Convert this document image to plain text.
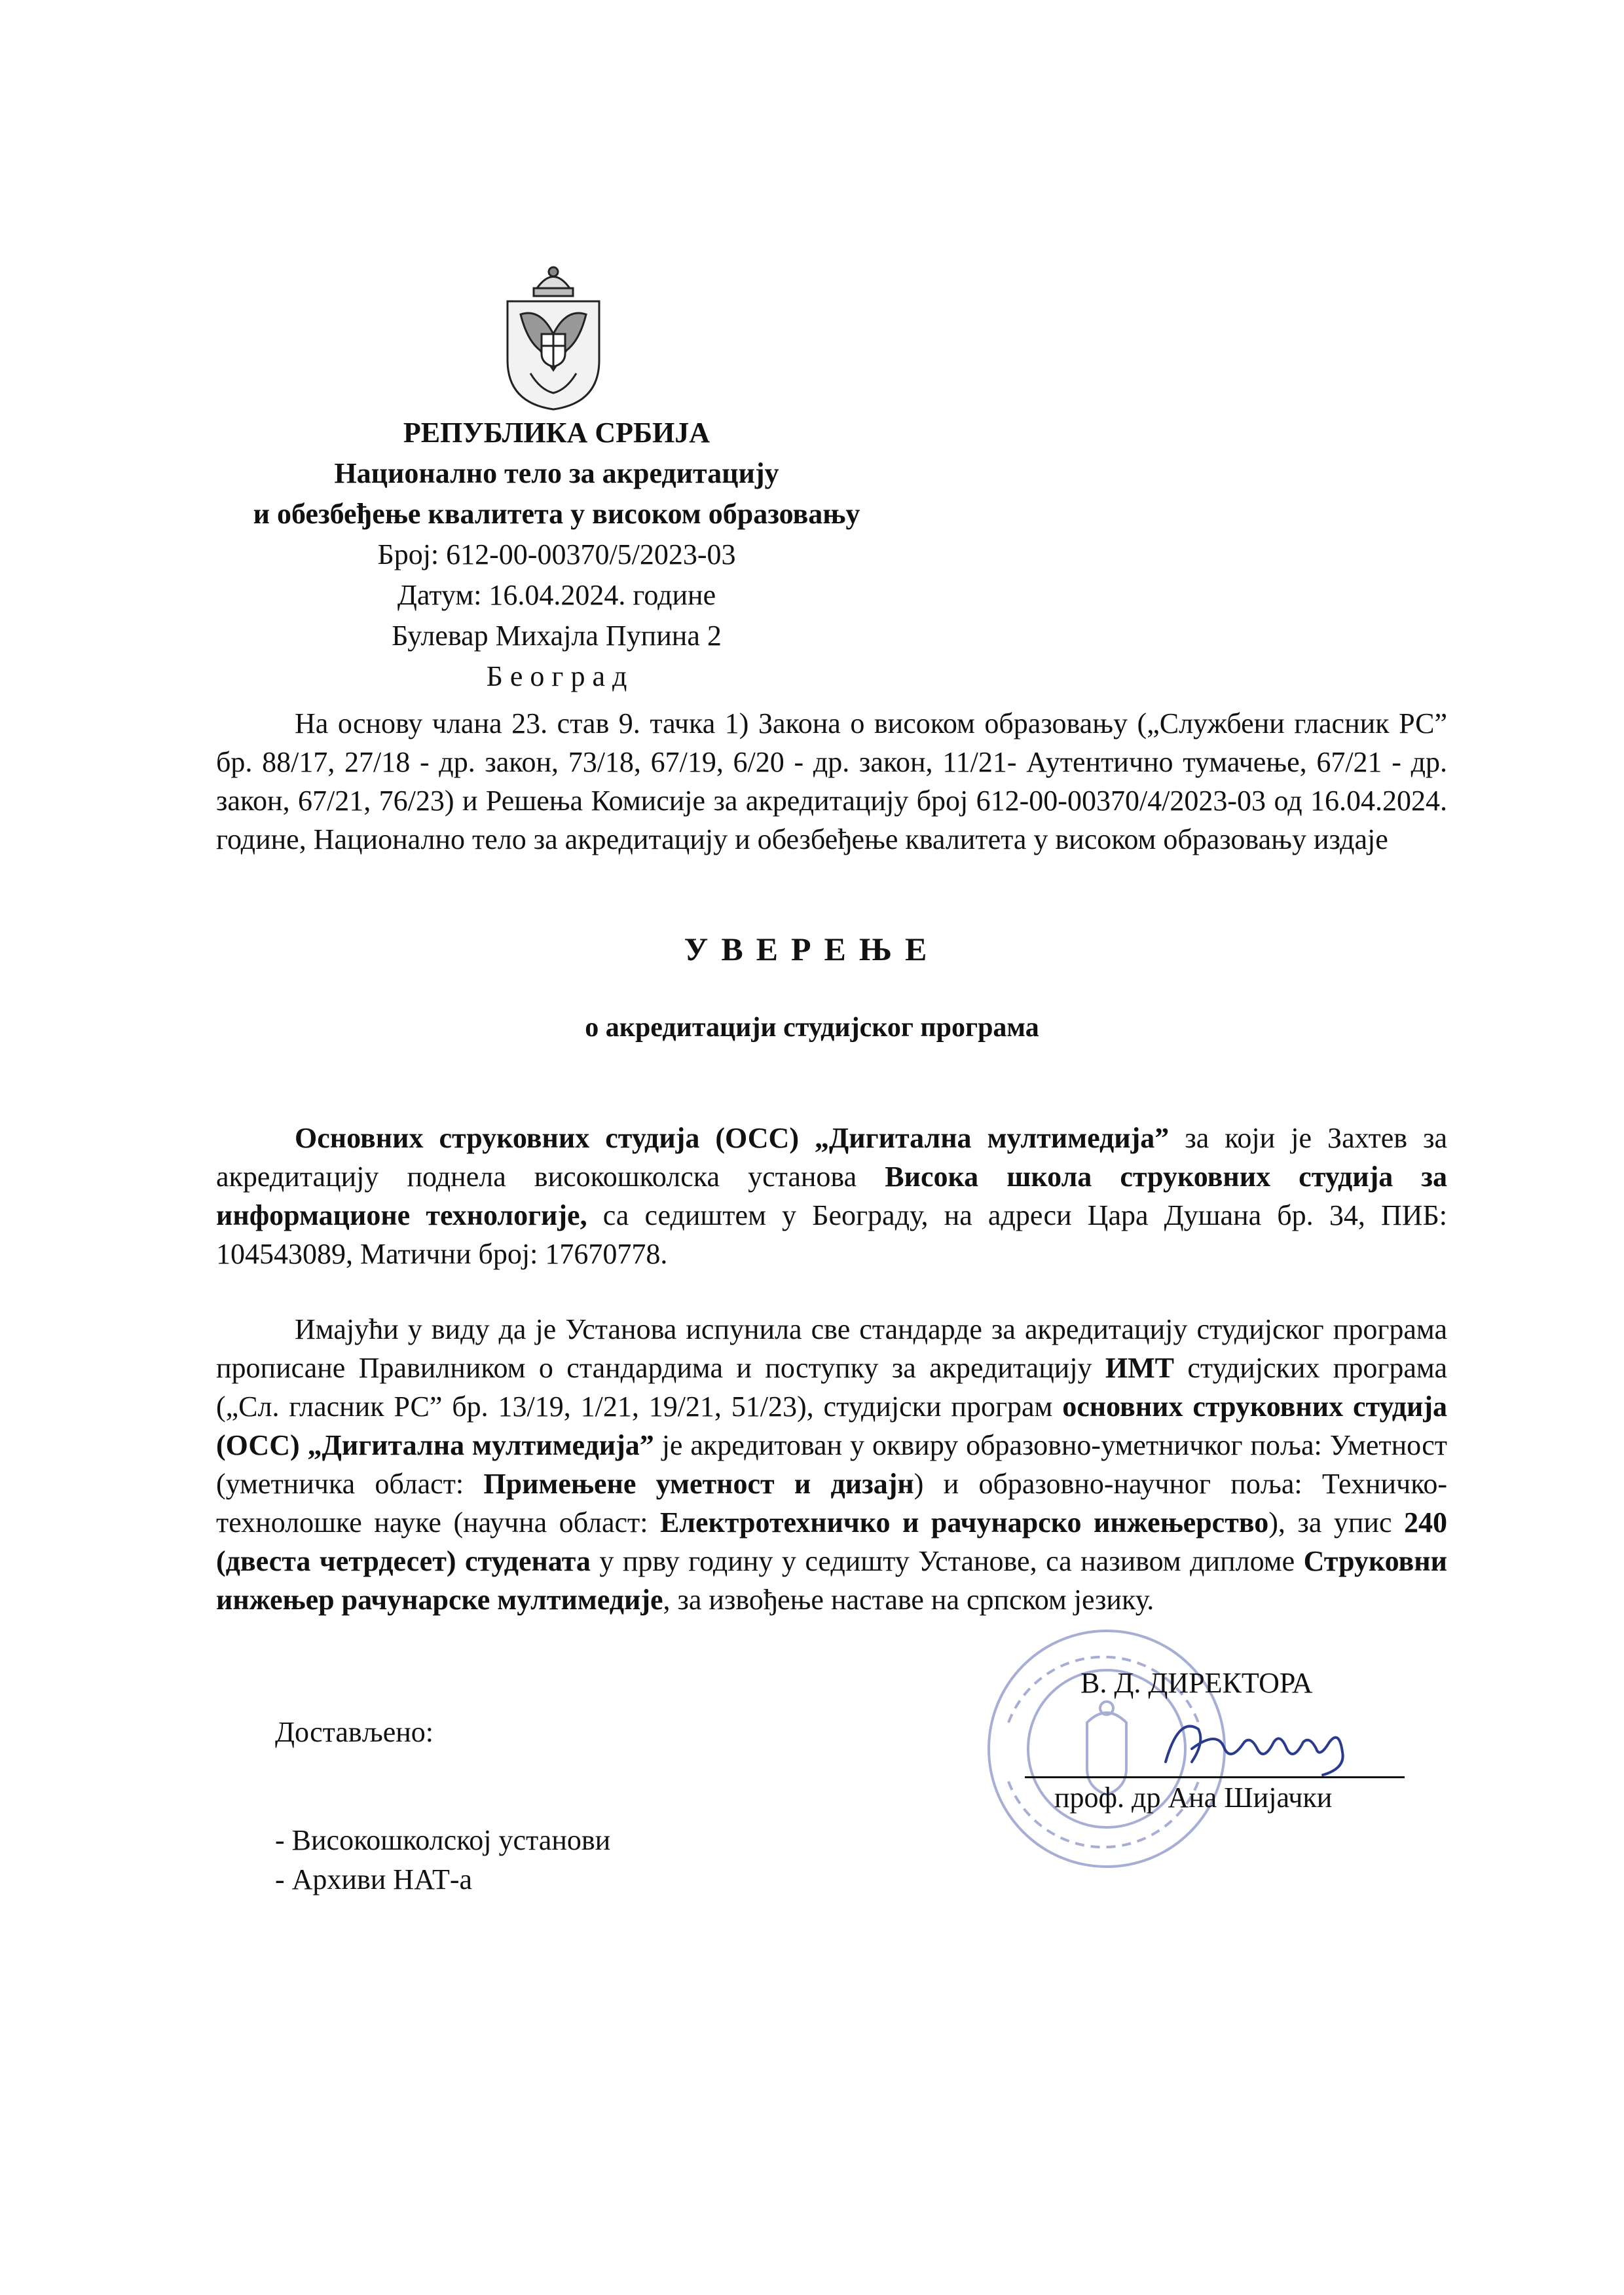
РЕПУБЛИКА СРБИЈА
Национално тело за акредитацију
и обезбеђење квалитета у високом образовању
Број: 612-00-00370/5/2023-03
Датум: 16.04.2024. године
Булевар Михајла Пупина 2
Б е о г р а д
На основу члана 23. став 9. тачка 1) Закона о високом образовању („Службени гласник РС” бр. 88/17, 27/18 - др. закон, 73/18, 67/19, 6/20 - др. закон, 11/21- Аутентично тумачење, 67/21 - др. закон, 67/21, 76/23) и Решења Комисије за акредитацију број 612-00-00370/4/2023-03 од 16.04.2024. године, Национално тело за акредитацију и обезбеђење квалитета у високом образовању издаје
УВЕРЕЊЕ
о акредитацији студијског програма
Основних струковних студија (ОСС) „Дигитална мултимедија” за који је Захтев за акредитацију поднела високошколска установа Висока школа струковних студија за информационе технологије, са седиштем у Београду, на адреси Цара Душана бр. 34, ПИБ: 104543089, Матични број: 17670778.
Имајући у виду да је Установа испунила све стандарде за акредитацију студијског програма прописане Правилником о стандардима и поступку за акредитацију ИМТ студијских програма („Сл. гласник РС” бр. 13/19, 1/21, 19/21, 51/23), студијски програм основних струковних студија (ОСС) „Дигитална мултимедија” је акредитован у оквиру образовно-уметничког поља: Уметност (уметничка област: Примењене уметност и дизајн) и образовно-научног поља: Техничко-технолошке науке (научна област: Електротехничко и рачунарско инжењерство), за упис 240 (двеста четрдесет) студената у прву годину у седишту Установе, са називом дипломе Струковни инжењер рачунарске мултимедије, за извођење наставе на српском језику.
В. Д. ДИРЕКТОРА
проф. др Ана Шијачки
Достављено:
- Високошколској установи
- Архиви НАТ-а
